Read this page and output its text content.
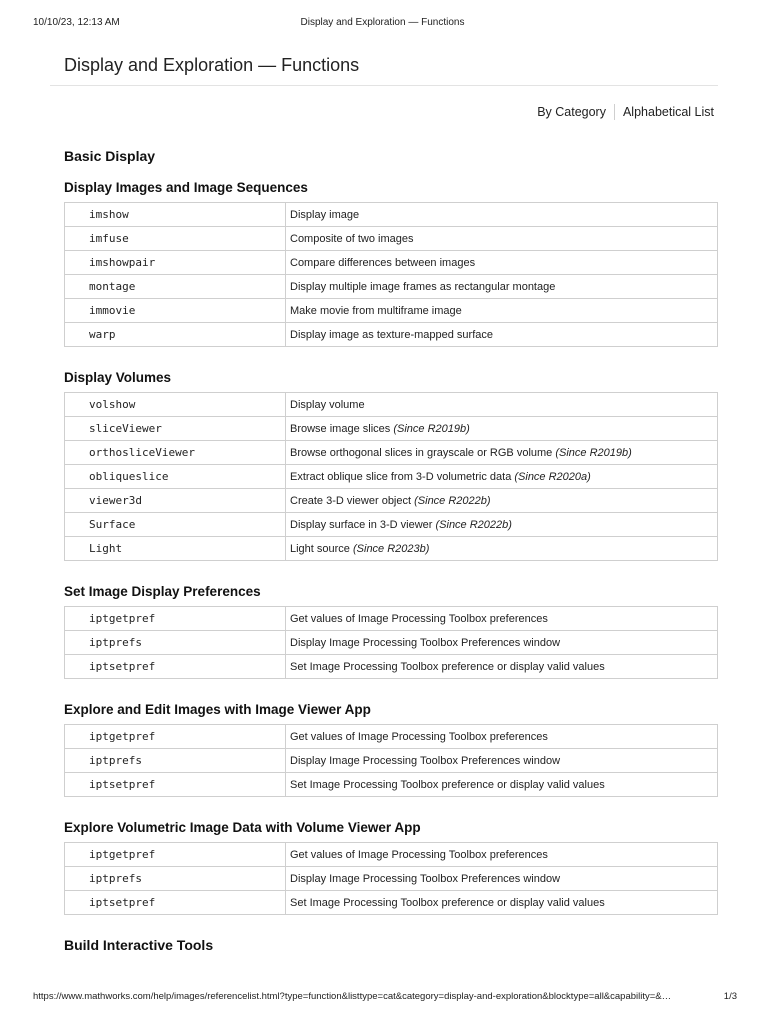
10/10/23, 12:13 AM	Display and Exploration — Functions
Display and Exploration — Functions
By Category Alphabetical List
Basic Display
Display Images and Image Sequences
imshow	Display image
imfuse	Composite of two images
imshowpair	Compare differences between images
montage	Display multiple image frames as rectangular montage
immovie	Make movie from multiframe image
warp	Display image as texture-mapped surface
Display Volumes
volshow	Display volume
sliceViewer	Browse image slices (Since R2019b)
orthosliceViewer	Browse orthogonal slices in grayscale or RGB volume (Since R2019b)
obliqueslice	Extract oblique slice from 3-D volumetric data (Since R2020a)
viewer3d	Create 3-D viewer object (Since R2022b)
Surface	Display surface in 3-D viewer (Since R2022b)
Light	Light source (Since R2023b)
Set Image Display Preferences
iptgetpref	Get values of Image Processing Toolbox preferences
iptprefs	Display Image Processing Toolbox Preferences window
iptsetpref	Set Image Processing Toolbox preference or display valid values
Explore and Edit Images with Image Viewer App
iptgetpref	Get values of Image Processing Toolbox preferences
iptprefs	Display Image Processing Toolbox Preferences window
iptsetpref	Set Image Processing Toolbox preference or display valid values
Explore Volumetric Image Data with Volume Viewer App
iptgetpref	Get values of Image Processing Toolbox preferences
iptprefs	Display Image Processing Toolbox Preferences window
iptsetpref	Set Image Processing Toolbox preference or display valid values
Build Interactive Tools
https://www.mathworks.com/help/images/referencelist.html?type=function&listtype=cat&category=display-and-exploration&blocktype=all&capability=&…	1/3
